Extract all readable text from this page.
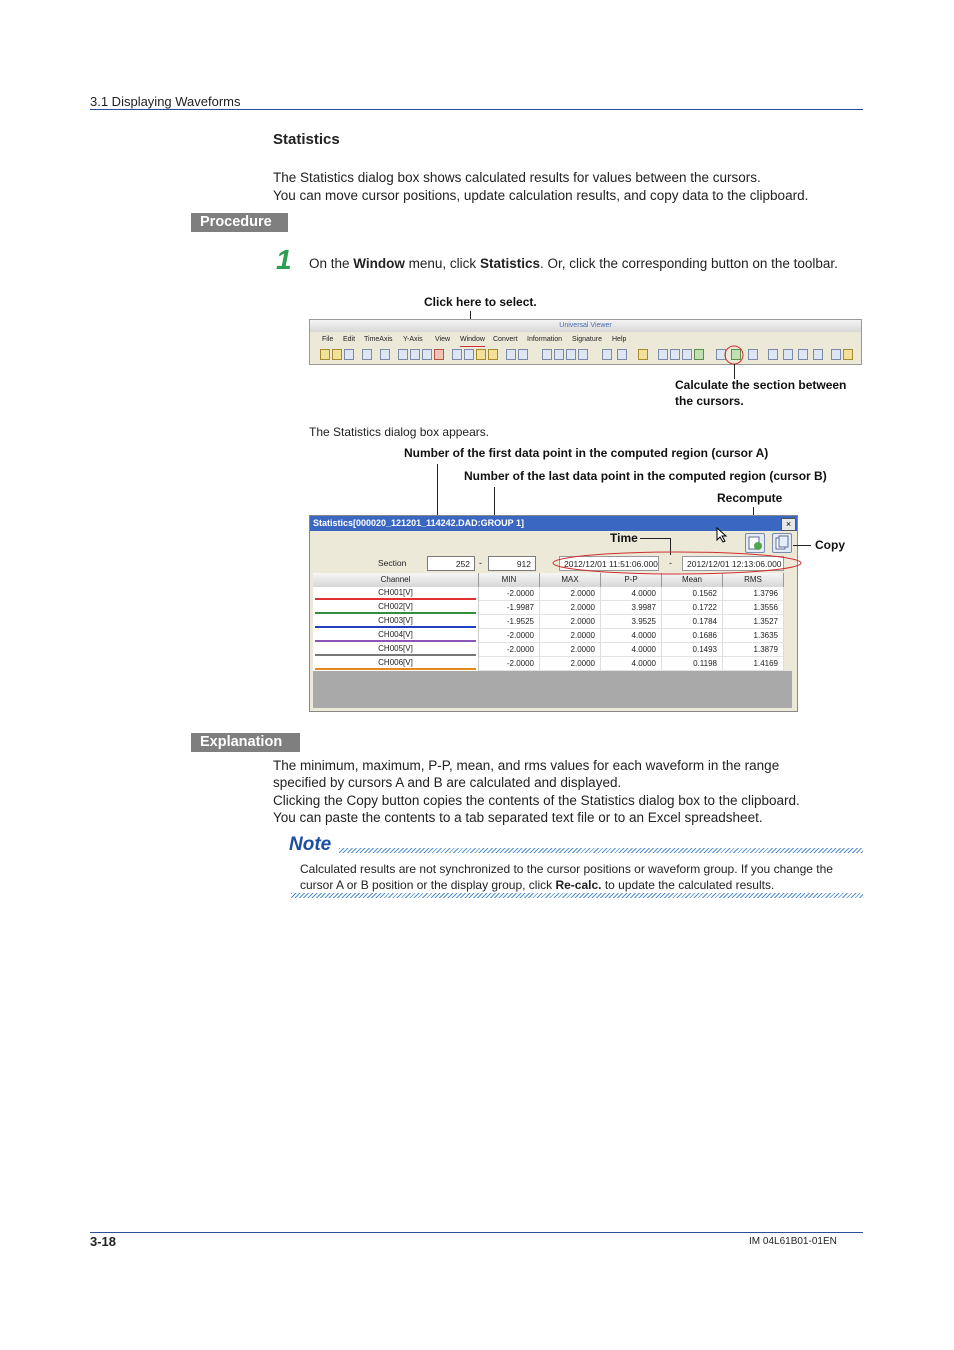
3.1 Displaying Waveforms
Statistics
The Statistics dialog box shows calculated results for values between the cursors.
You can move cursor positions, update calculation results, and copy data to the clipboard.
Procedure
1 On the Window menu, click Statistics. Or, click the corresponding button on the toolbar.
Click here to select.
Universal Viewer
File Edit TimeAxis Y-Axis View Window Convert Information Signature Help
Calculate the section between
the cursors.
The Statistics dialog box appears.
Number of the first data point in the computed region (cursor A)
Number of the last data point in the computed region (cursor B)
Recompute
Statistics[000020_121201_114242.DAD:GROUP 1]	×
Section	252	-	912	2012/12/01 11:51:06.000 -	2012/12/01 12:13:06.000
Channel	MIN	MAX	P-P	Mean	RMS
CH001[V]	-2.0000	2.0000	4.0000	0.1562	1.3796
CH002[V]	-1.9987	2.0000	3.9987	0.1722	1.3556
CH003[V]	-1.9525	2.0000	3.9525	0.1784	1.3527
CH004[V]	-2.0000	2.0000	4.0000	0.1686	1.3635
CH005[V]	-2.0000	2.0000	4.0000	0.1493	1.3879
CH006[V]	-2.0000	2.0000	4.0000	0.1198	1.4169
Time	Copy
Explanation
The minimum, maximum, P-P, mean, and rms values for each waveform in the range
specified by cursors A and B are calculated and displayed.
Clicking the Copy button copies the contents of the Statistics dialog box to the clipboard.
You can paste the contents to a tab separated text file or to an Excel spreadsheet.
Note
Calculated results are not synchronized to the cursor positions or waveform group. If you change the cursor A or B position or the display group, click Re-calc. to update the calculated results.
3-18	IM 04L61B01-01EN
